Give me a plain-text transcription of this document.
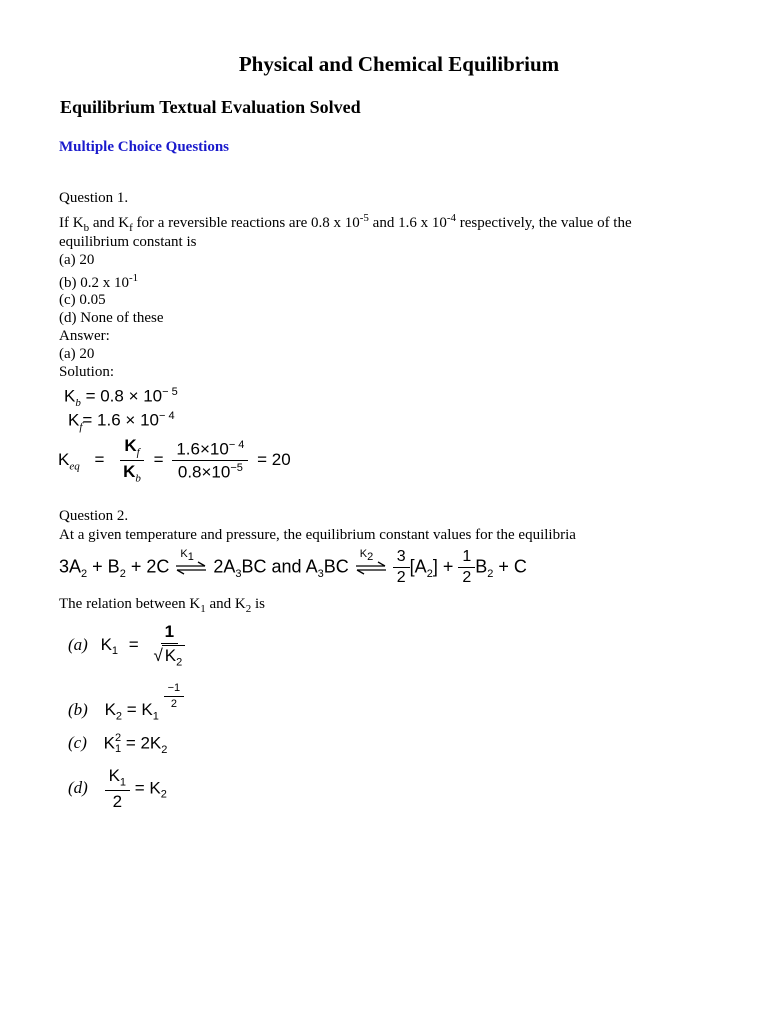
Physical and Chemical Equilibrium
Equilibrium Textual Evaluation Solved
Multiple Choice Questions
Question 1.
If $K_b$ and $K_f$ for a reversible reactions are 0.8 x $10^{-5}$ and 1.6 x $10^{-4}$ respectively, the value of the
equilibrium constant is
(a) 20
(b) 0.2 x $10^{-1}$
(c) 0.05
(d) None of these
Answer:
(a) 20
Solution:
$K_b = 0.8 \times 10^{- 5}$
$K_f= 1.6 \times 10^{- 4}$
$K_{eq} = \frac{K_f}{K_b} = \frac{1.6\times 10^{- 4}}{0.8\times 10^{-5}} = 20$
Question 2.
At a given temperature and pressure, the equilibrium constant values for the equilibria
$3A_2 + B_2 + 2C$
$K_1$ $2A_3BC$ and $A_3BC$
$K_2$
$\frac{3}{2} [A_2] + \frac{1}{2} B_2 + C$
The relation between $K_1$ and $K_2$ is
(a) $K_1 = \frac{1}{√ K_2}$
(b) $K_2 = K_1$
$\frac{-1}{2}$
(c) K 2
$1 = 2K_2$
$(d) \frac{K_1}{2} = K_2$
